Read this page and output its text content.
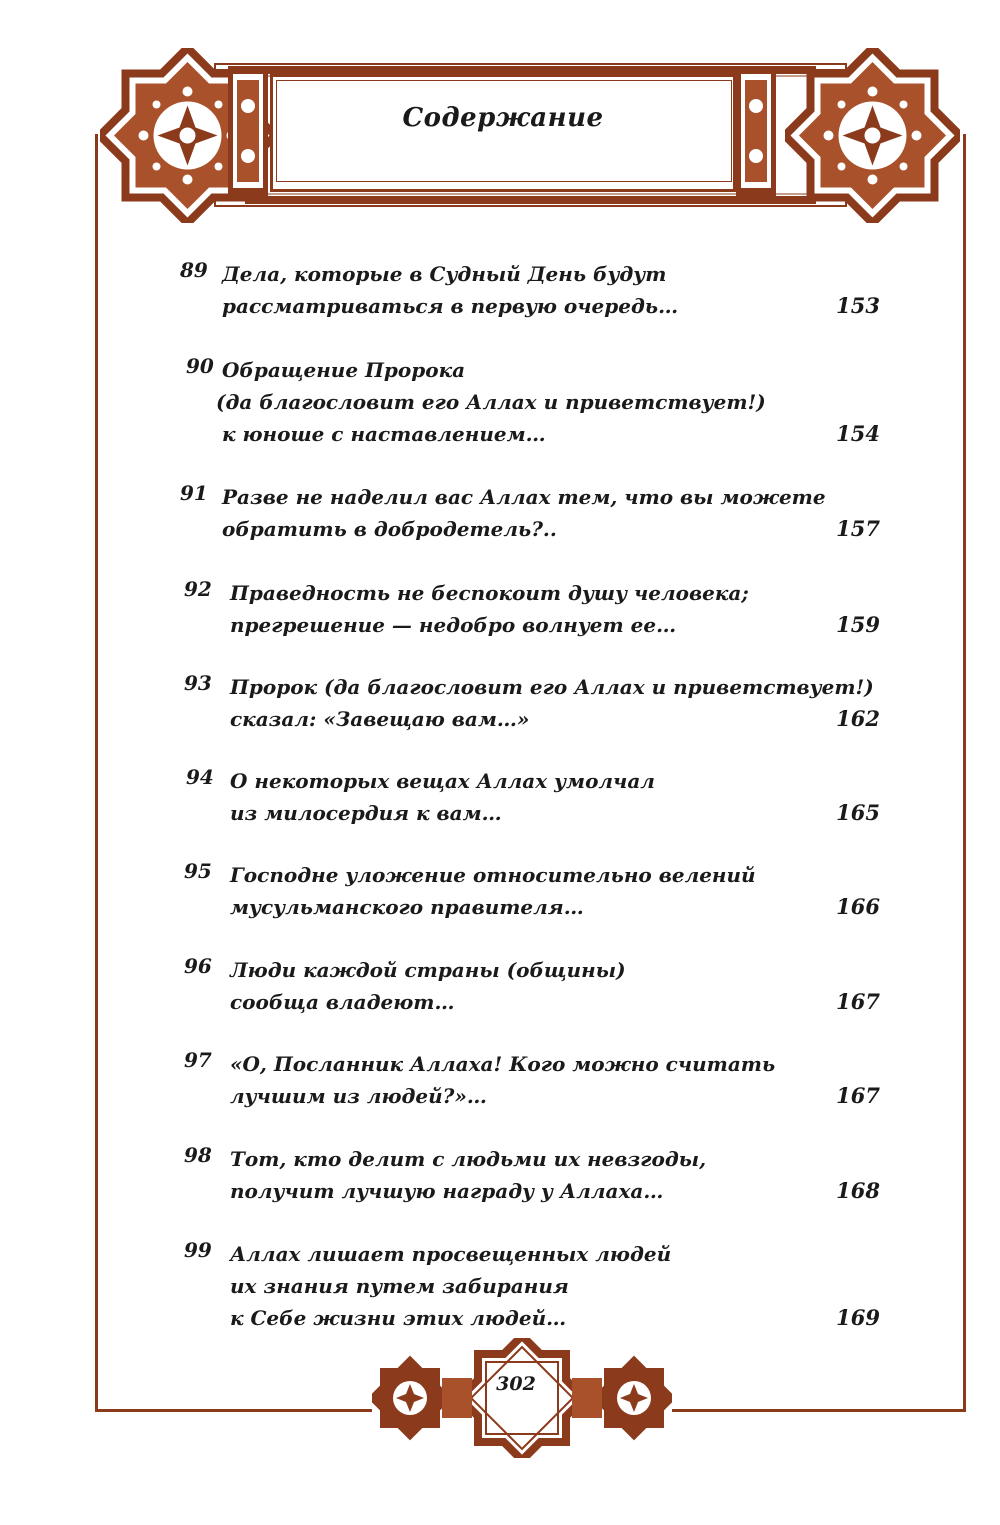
Содержание
89 Дела, которые в Судный День будут
рассматриваться в первую очередь…	153
90 Обращение Пророка
(да благословит его Аллах и приветствует!)
к юноше с наставлением…	154
91 Разве не наделил вас Аллах тем, что вы можете
обратить в добродетель?..	157
92 Праведность не беспокоит душу человека;
прегрешение — недобро волнует ее…	159
93 Пророк (да благословит его Аллах и приветствует!)
сказал: «Завещаю вам…»	162
94 О некоторых вещах Аллах умолчал
из милосердия к вам…	165
95 Господне уложение относительно велений
мусульманского правителя…	166
96 Люди каждой страны (общины)
сообща владеют…	167
97 «О, Посланник Аллаха! Кого можно считать
лучшим из людей?»…	167
98 Тот, кто делит с людьми их невзгоды,
получит лучшую награду у Аллаха…	168
99 Аллах лишает просвещенных людей
их знания путем забирания
к Себе жизни этих людей…	169
302
